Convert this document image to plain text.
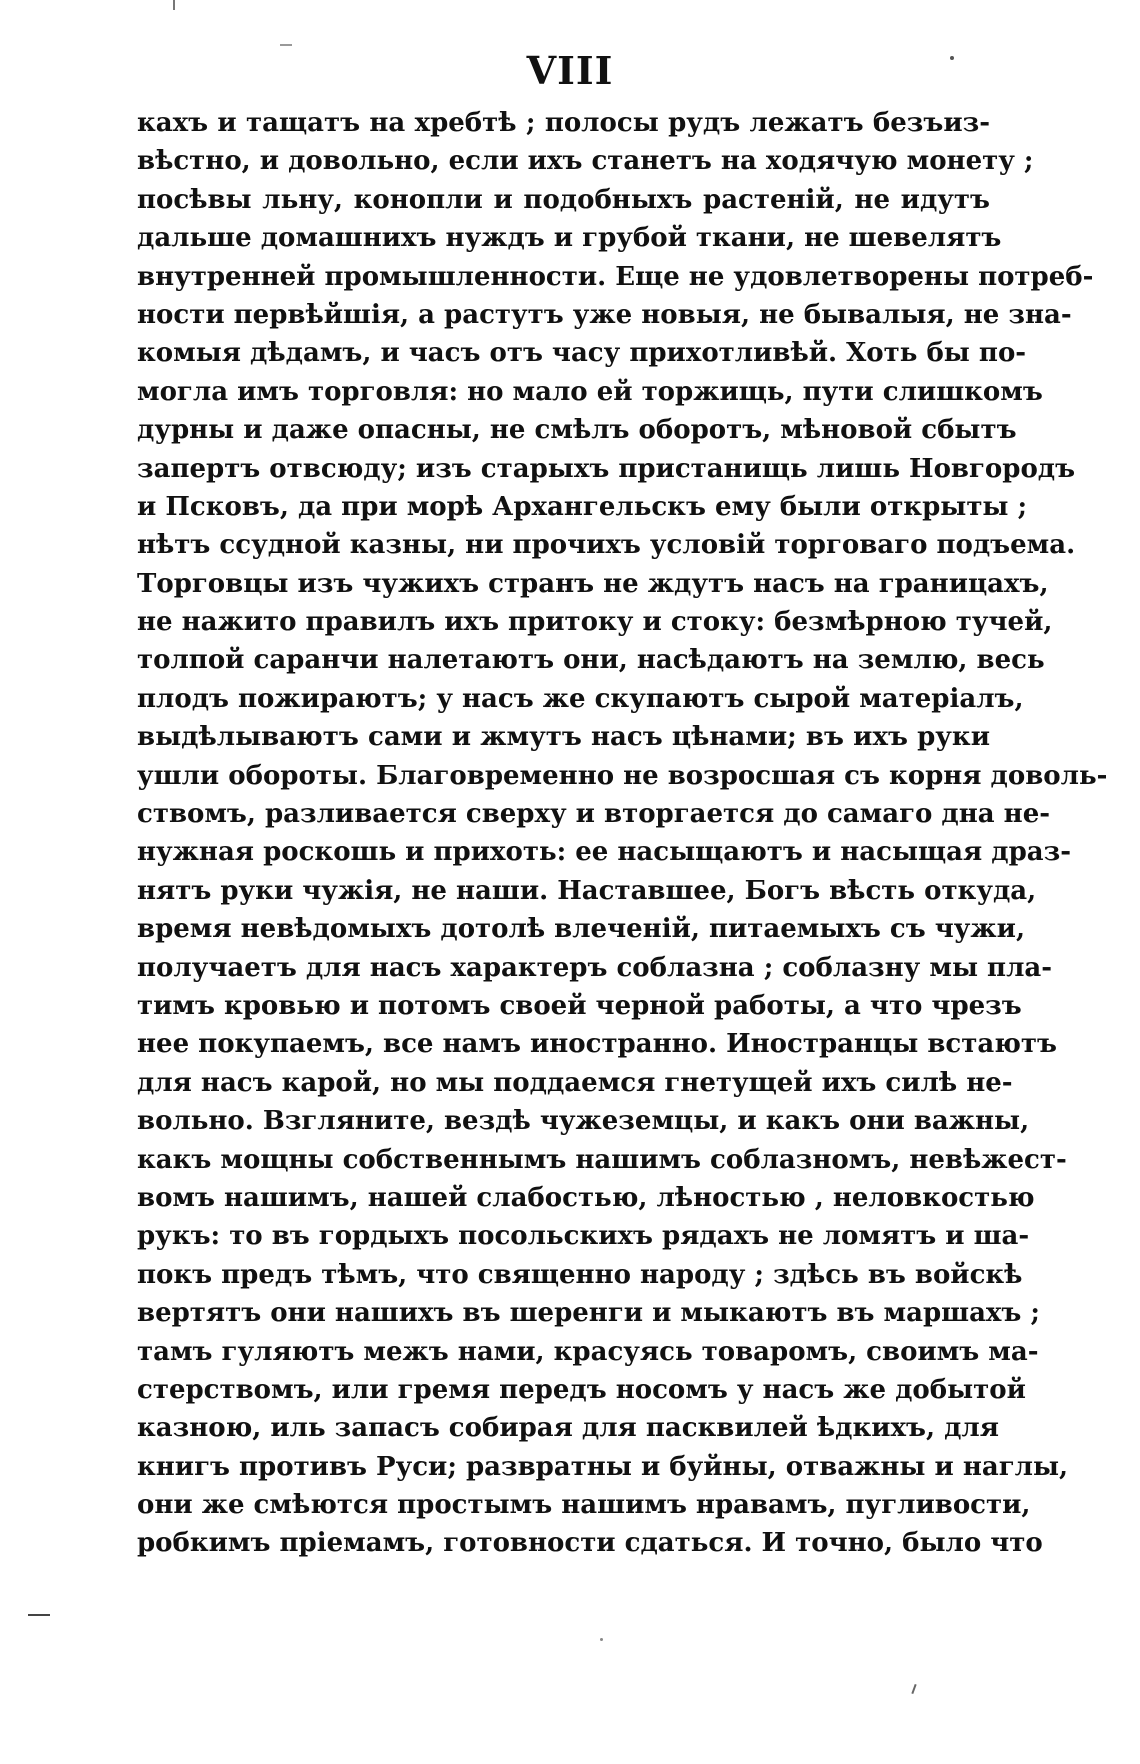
VIII
кахъ и тащатъ на хребтѣ ; полосы рудъ лежатъ безъиз-
вѣстно, и довольно, если ихъ станетъ на ходячую монету ;
посѣвы льну, конопли и подобныхъ растеній, не идутъ
дальше домашнихъ нуждъ и грубой ткани, не шевелятъ
внутренней промышленности. Еще не удовлетворены потреб-
ности первѣйшія, а растутъ уже новыя, не бывалыя, не зна-
комыя дѣдамъ, и часъ отъ часу прихотливѣй. Хоть бы по-
могла имъ торговля: но мало ей торжищь, пути слишкомъ
дурны и даже опасны, не смѣлъ оборотъ, мѣновой сбытъ
запертъ отвсюду; изъ старыхъ пристанищь лишь Новгородъ
и Псковъ, да при морѣ Архангельскъ ему были открыты ;
нѣтъ ссудной казны, ни прочихъ условій торговаго подъема.
Торговцы изъ чужихъ странъ не ждутъ насъ на границахъ,
не нажито правилъ ихъ притоку и стоку: безмѣрною тучей,
толпой саранчи налетаютъ они, насѣдаютъ на землю, весь
плодъ пожираютъ; у насъ же скупаютъ сырой матеріалъ,
выдѣлываютъ сами и жмутъ насъ цѣнами; въ ихъ руки
ушли обороты. Благовременно не возросшая съ корня доволь-
ствомъ, разливается сверху и вторгается до самаго дна не-
нужная роскошь и прихоть: ее насыщаютъ и насыщая драз-
нятъ руки чужія, не наши. Наставшее, Богъ вѣсть откуда,
время невѣдомыхъ дотолѣ влеченій, питаемыхъ съ чужи,
получаетъ для насъ характеръ соблазна ; соблазну мы пла-
тимъ кровью и потомъ своей черной работы, а что чрезъ
нее покупаемъ, все намъ иностранно. Иностранцы встаютъ
для насъ карой, но мы поддаемся гнетущей ихъ силѣ не-
вольно. Взгляните, вездѣ чужеземцы, и какъ они важны,
какъ мощны собственнымъ нашимъ соблазномъ, невѣжест-
вомъ нашимъ, нашей слабостью, лѣностью , неловкостью
рукъ: то въ гордыхъ посольскихъ рядахъ не ломятъ и ша-
покъ предъ тѣмъ, что священно народу ; здѣсь въ войскѣ
вертятъ они нашихъ въ шеренги и мыкаютъ въ маршахъ ;
тамъ гуляютъ межъ нами, красуясь товаромъ, своимъ ма-
стерствомъ, или гремя передъ носомъ у насъ же добытой
казною, иль запасъ собирая для пасквилей ѣдкихъ, для
книгъ противъ Руси; развратны и буйны, отважны и наглы,
они же смѣются простымъ нашимъ нравамъ, пугливости,
робкимъ пріемамъ, готовности сдаться. И точно, было что
